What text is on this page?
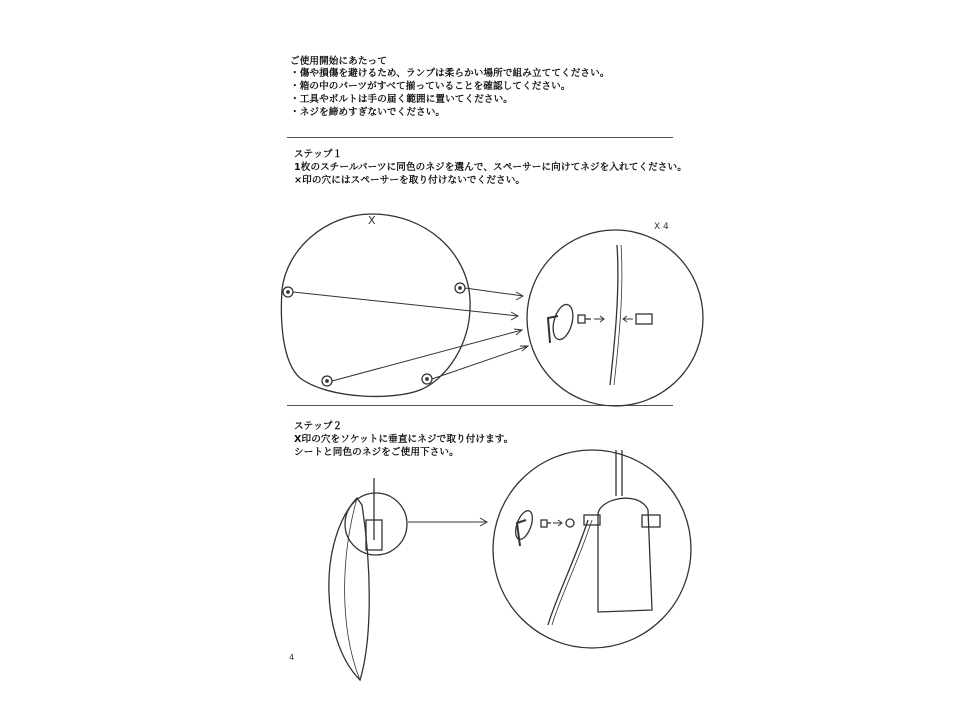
ご使用開始にあたって
・傷や損傷を避けるため、ランプは柔らかい場所で組み立ててください。
・箱の中のパーツがすべて揃っていることを確認してください。
・工具やボルトは手の届く範囲に置いてください。
・ネジを締めすぎないでください。
ステップ１
1枚のスチールパーツに同色のネジを選んで、スペーサーに向けてネジを入れてください。
×印の穴にはスペーサーを取り付けないでください。
ステップ２
X印の穴をソケットに垂直にネジで取り付けます。
シートと同色のネジをご使用下さい。
X	X 4
4
